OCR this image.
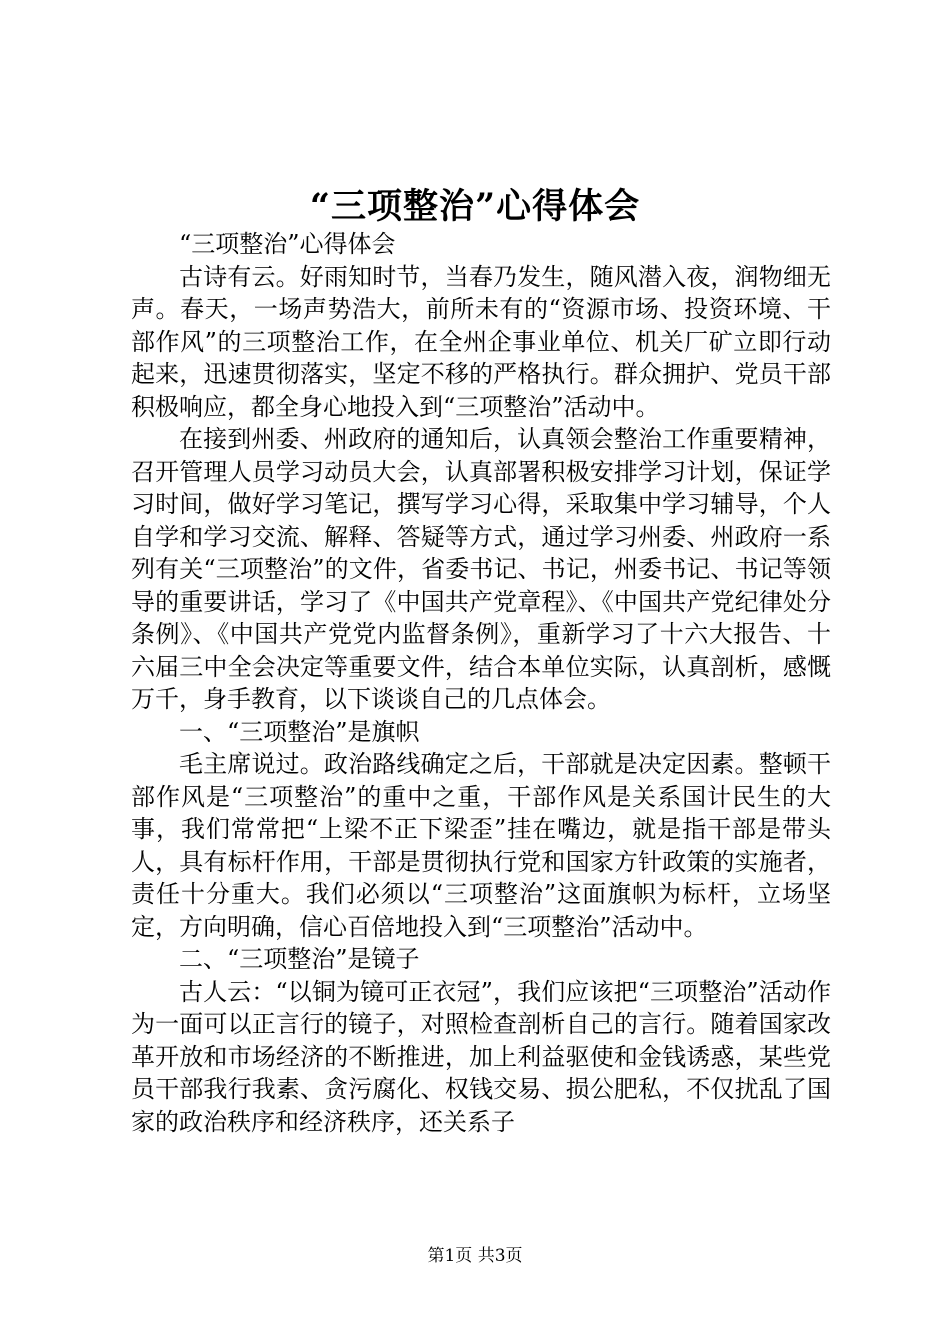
“三项整治”心得体会

“三项整治”心得体会

古诗有云。好雨知时节，当春乃发生，随风潜入夜，润物细无声。春天，一场声势浩大，前所未有的“资源市场、投资环境、干部作风”的三项整治工作，在全州企事业单位、机关厂矿立即行动起来，迅速贯彻落实，坚定不移的严格执行。群众拥护、党员干部积极响应，都全身心地投入到“三项整治”活动中。

在接到州委、州政府的通知后，认真领会整治工作重要精神，召开管理人员学习动员大会，认真部署积极安排学习计划，保证学习时间，做好学习笔记，撰写学习心得，采取集中学习辅导，个人自学和学习交流、解释、答疑等方式，通过学习州委、州政府一系列有关“三项整治”的文件，省委书记、书记，州委书记、书记等领导的重要讲话，学习了《中国共产党章程》、《中国共产党纪律处分条例》、《中国共产党党内监督条例》，重新学习了十六大报告、十六届三中全会决定等重要文件，结合本单位实际，认真剖析，感慨万千，身手教育，以下谈谈自己的几点体会。

一、“三项整治”是旗帜

毛主席说过。政治路线确定之后，干部就是决定因素。整顿干部作风是“三项整治”的重中之重，干部作风是关系国计民生的大事，我们常常把“上梁不正下梁歪”挂在嘴边，就是指干部是带头人，具有标杆作用，干部是贯彻执行党和国家方针政策的实施者，责任十分重大。我们必须以“三项整治”这面旗帜为标杆，立场坚定，方向明确，信心百倍地投入到“三项整治”活动中。

二、“三项整治”是镜子

古人云：“以铜为镜可正衣冠”，我们应该把“三项整治”活动作为一面可以正言行的镜子，对照检查剖析自己的言行。随着国家改革开放和市场经济的不断推进，加上利益驱使和金钱诱惑，某些党员干部我行我素、贪污腐化、权钱交易、损公肥私，不仅扰乱了国家的政治秩序和经济秩序，还关系子

第1页 共3页
